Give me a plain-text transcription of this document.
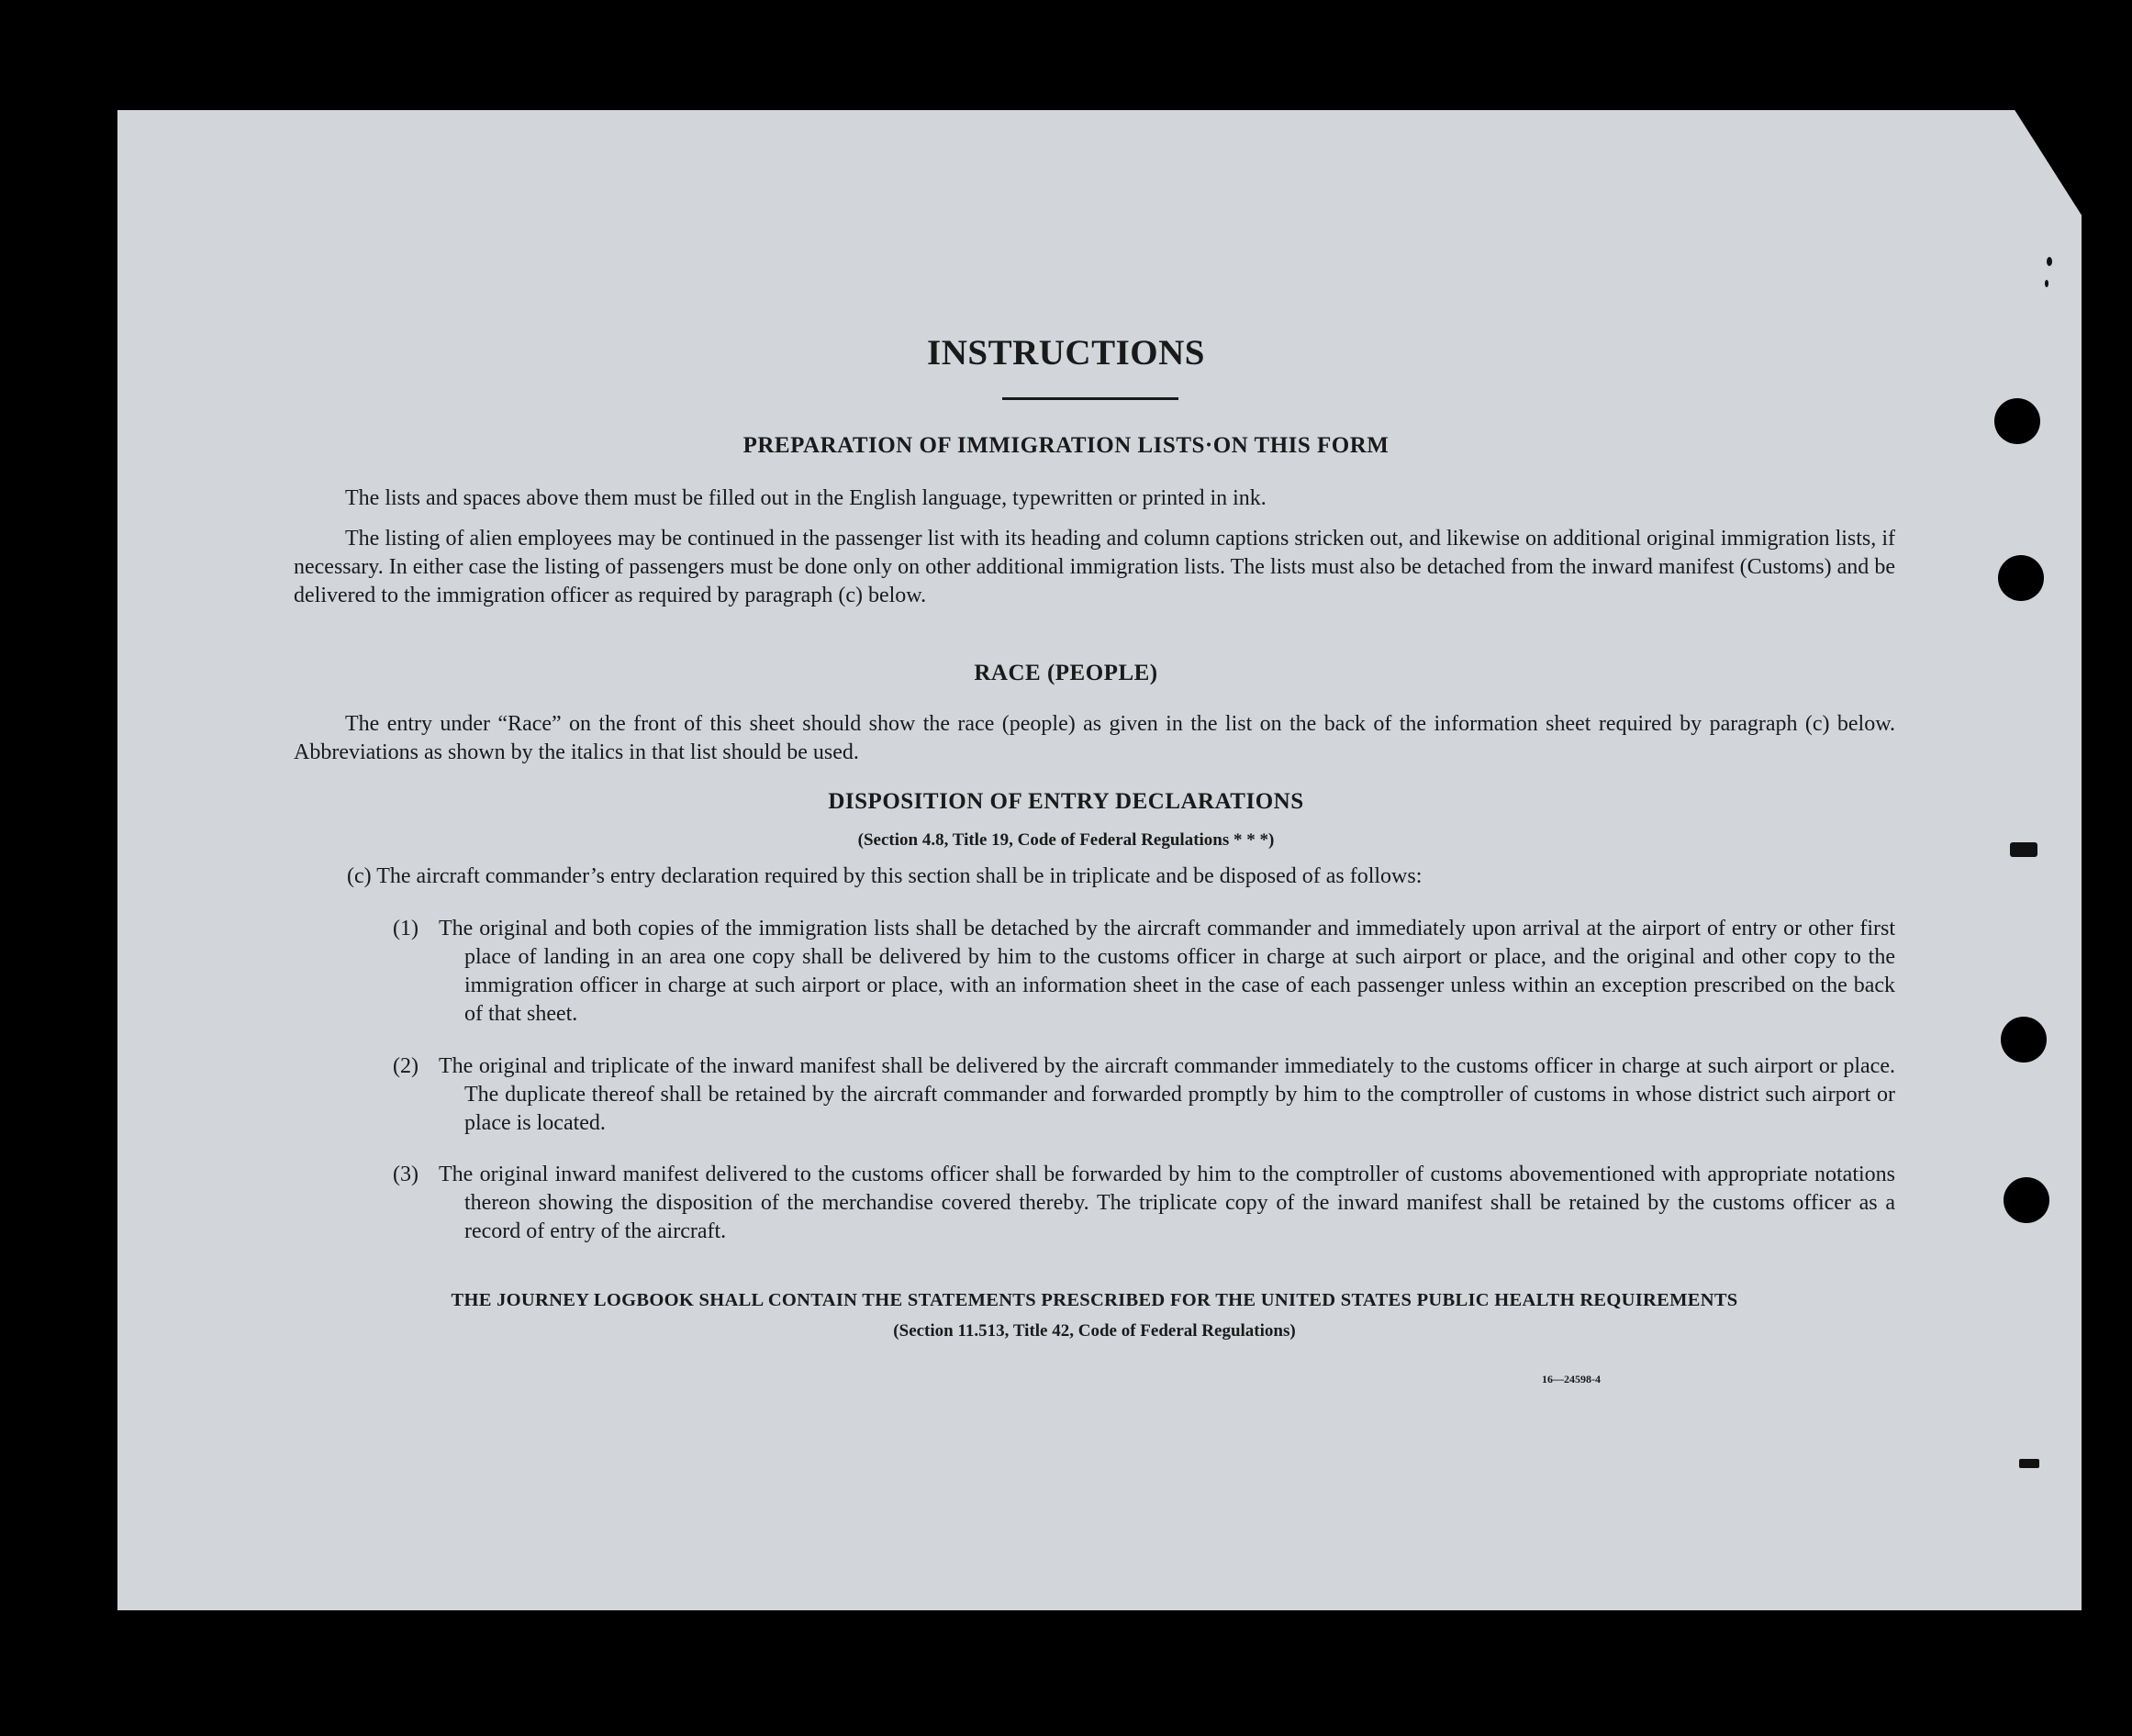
INSTRUCTIONS
PREPARATION OF IMMIGRATION LISTS·ON THIS FORM
The lists and spaces above them must be filled out in the English language, typewritten or printed in ink.
The listing of alien employees may be continued in the passenger list with its heading and column captions stricken out, and likewise on additional original immigration lists, if necessary. In either case the listing of passengers must be done only on other additional immigration lists. The lists must also be detached from the inward manifest (Customs) and be delivered to the immigration officer as required by paragraph (c) below.
RACE (PEOPLE)
The entry under “Race” on the front of this sheet should show the race (people) as given in the list on the back of the information sheet required by paragraph (c) below. Abbreviations as shown by the italics in that list should be used.
DISPOSITION OF ENTRY DECLARATIONS
(Section 4.8, Title 19, Code of Federal Regulations * * *)
(c) The aircraft commander’s entry declaration required by this section shall be in triplicate and be disposed of as follows:
(1) The original and both copies of the immigration lists shall be detached by the aircraft commander and immediately upon arrival at the airport of entry or other first place of landing in an area one copy shall be delivered by him to the customs officer in charge at such airport or place, and the original and other copy to the immigration officer in charge at such airport or place, with an information sheet in the case of each passenger unless within an exception prescribed on the back of that sheet.
(2) The original and triplicate of the inward manifest shall be delivered by the aircraft commander immediately to the customs officer in charge at such airport or place. The duplicate thereof shall be retained by the aircraft commander and forwarded promptly by him to the comptroller of customs in whose district such airport or place is located.
(3) The original inward manifest delivered to the customs officer shall be forwarded by him to the comptroller of customs abovementioned with appropriate notations thereon showing the disposition of the merchandise covered thereby. The triplicate copy of the inward manifest shall be retained by the customs officer as a record of entry of the aircraft.
THE JOURNEY LOGBOOK SHALL CONTAIN THE STATEMENTS PRESCRIBED FOR THE UNITED STATES PUBLIC HEALTH REQUIREMENTS
(Section 11.513, Title 42, Code of Federal Regulations)
16—24598-4
